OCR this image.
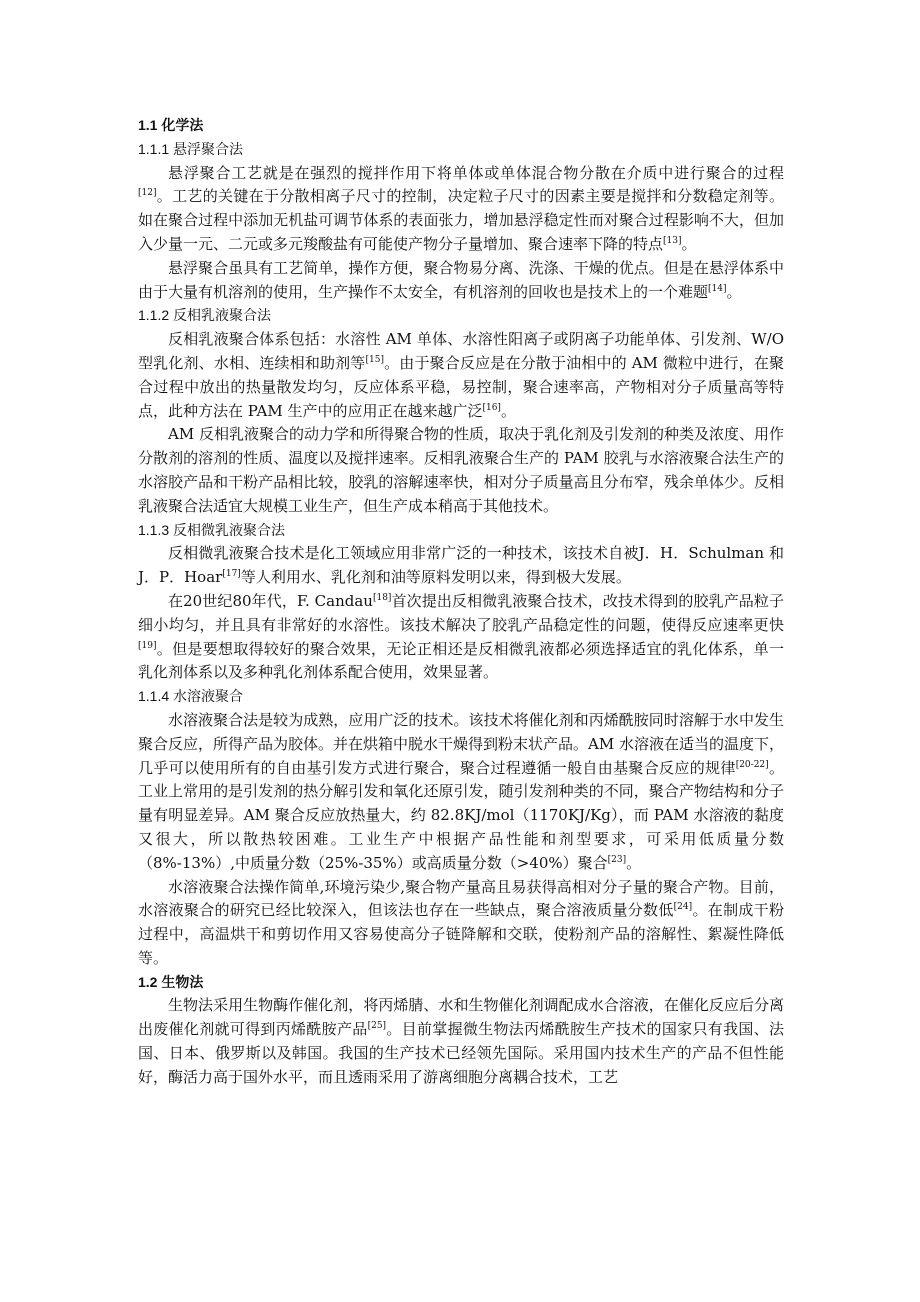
1.1 化学法

1.1.1 悬浮聚合法

悬浮聚合工艺就是在强烈的搅拌作用下将单体或单体混合物分散在介质中进行聚合的过程[12]。工艺的关键在于分散相离子尺寸的控制，决定粒子尺寸的因素主要是搅拌和分数稳定剂等。如在聚合过程中添加无机盐可调节体系的表面张力，增加悬浮稳定性而对聚合过程影响不大，但加入少量一元、二元或多元羧酸盐有可能使产物分子量增加、聚合速率下降的特点[13]。

悬浮聚合虽具有工艺简单，操作方便，聚合物易分离、洗涤、干燥的优点。但是在悬浮体系中由于大量有机溶剂的使用，生产操作不太安全，有机溶剂的回收也是技术上的一个难题[14]。

1.1.2 反相乳液聚合法

反相乳液聚合体系包括：水溶性 AM 单体、水溶性阳离子或阴离子功能单体、引发剂、W/O 型乳化剂、水相、连续相和助剂等[15]。由于聚合反应是在分散于油相中的 AM 微粒中进行，在聚合过程中放出的热量散发均匀，反应体系平稳，易控制，聚合速率高，产物相对分子质量高等特点，此种方法在 PAM 生产中的应用正在越来越广泛[16]。

AM 反相乳液聚合的动力学和所得聚合物的性质，取决于乳化剂及引发剂的种类及浓度、用作分散剂的溶剂的性质、温度以及搅拌速率。反相乳液聚合生产的 PAM 胶乳与水溶液聚合法生产的水溶胶产品和干粉产品相比较，胶乳的溶解速率快，相对分子质量高且分布窄，残余单体少。反相乳液聚合法适宜大规模工业生产，但生产成本稍高于其他技术。

1.1.3 反相微乳液聚合法

反相微乳液聚合技术是化工领域应用非常广泛的一种技术，该技术自被J．H．Schulman 和J．P．Hoar[17]等人利用水、乳化剂和油等原料发明以来，得到极大发展。

在20世纪80年代，F. Candau[18]首次提出反相微乳液聚合技术，改技术得到的胶乳产品粒子细小均匀，并且具有非常好的水溶性。该技术解决了胶乳产品稳定性的问题，使得反应速率更快[19]。但是要想取得较好的聚合效果，无论正相还是反相微乳液都必须选择适宜的乳化体系，单一乳化剂体系以及多种乳化剂体系配合使用，效果显著。

1.1.4 水溶液聚合

水溶液聚合法是较为成熟，应用广泛的技术。该技术将催化剂和丙烯酰胺同时溶解于水中发生聚合反应，所得产品为胶体。并在烘箱中脱水干燥得到粉末状产品。AM 水溶液在适当的温度下，几乎可以使用所有的自由基引发方式进行聚合，聚合过程遵循一般自由基聚合反应的规律[20-22]。工业上常用的是引发剂的热分解引发和氧化还原引发，随引发剂种类的不同，聚合产物结构和分子量有明显差异。AM 聚合反应放热量大，约 82.8KJ/mol（1170KJ/Kg），而 PAM 水溶液的黏度又很大，所以散热较困难。工业生产中根据产品性能和剂型要求，可采用低质量分数（8%-13%）,中质量分数（25%-35%）或高质量分数（>40%）聚合[23]。

水溶液聚合法操作简单,环境污染少,聚合物产量高且易获得高相对分子量的聚合产物。目前，水溶液聚合的研究已经比较深入，但该法也存在一些缺点，聚合溶液质量分数低[24]。在制成干粉过程中，高温烘干和剪切作用又容易使高分子链降解和交联，使粉剂产品的溶解性、絮凝性降低等。

1.2 生物法

生物法采用生物酶作催化剂，将丙烯腈、水和生物催化剂调配成水合溶液，在催化反应后分离出废催化剂就可得到丙烯酰胺产品[25]。目前掌握微生物法丙烯酰胺生产技术的国家只有我国、法国、日本、俄罗斯以及韩国。我国的生产技术已经领先国际。采用国内技术生产的产品不但性能好，酶活力高于国外水平，而且透雨采用了游离细胞分离耦合技术，工艺
